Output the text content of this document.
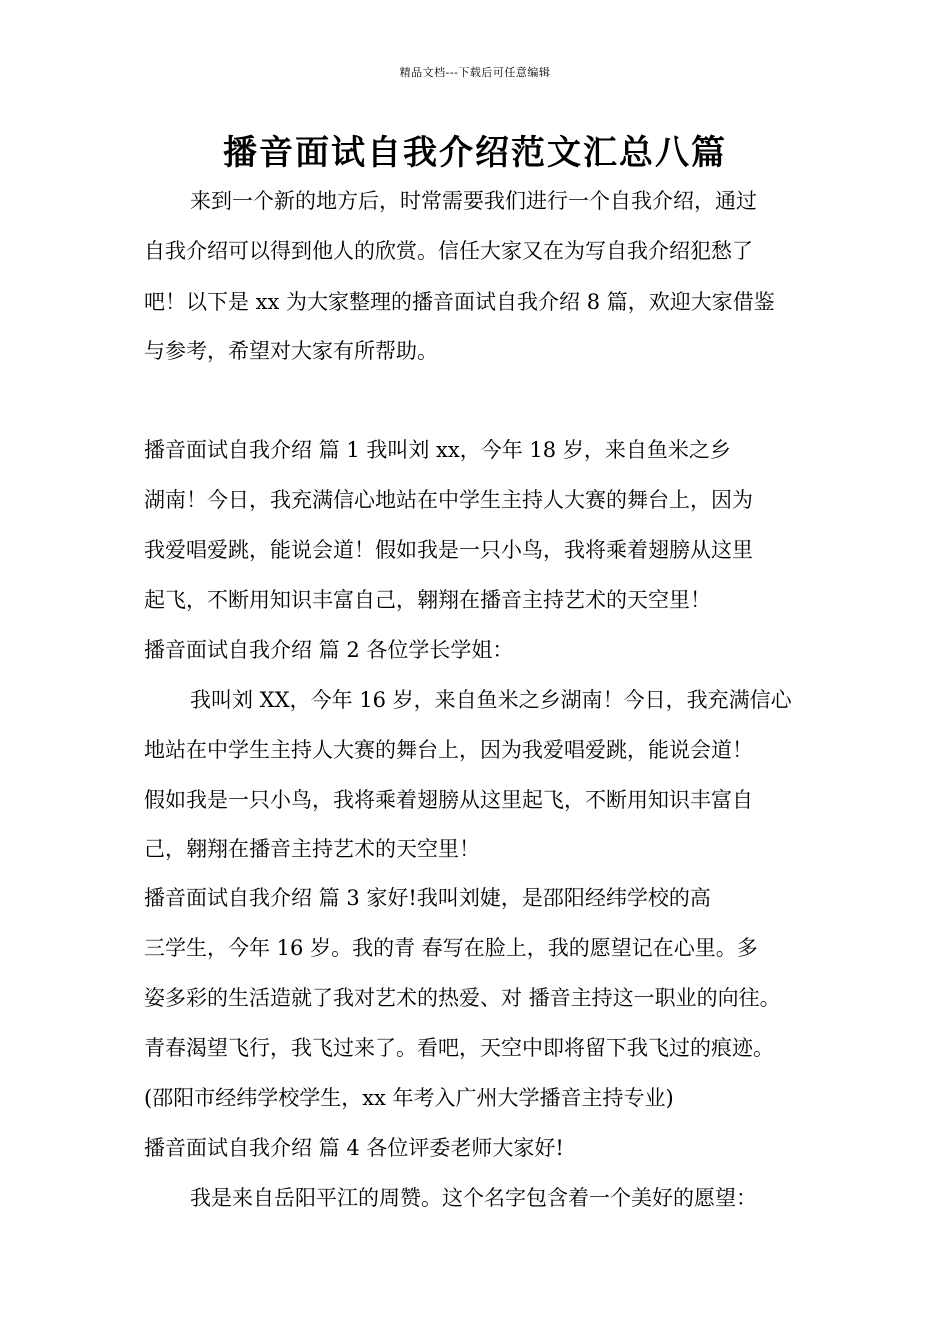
精品文档---下载后可任意编辑
播音面试自我介绍范文汇总八篇
来到一个新的地方后，时常需要我们进行一个自我介绍，通过
自我介绍可以得到他人的欣赏。信任大家又在为写自我介绍犯愁了
吧！以下是 xx 为大家整理的播音面试自我介绍 8 篇，欢迎大家借鉴
与参考，希望对大家有所帮助。
播音面试自我介绍 篇 1 我叫刘 xx，今年 18 岁，来自鱼米之乡
湖南！今日，我充满信心地站在中学生主持人大赛的舞台上，因为
我爱唱爱跳，能说会道！假如我是一只小鸟，我将乘着翅膀从这里
起飞，不断用知识丰富自己，翱翔在播音主持艺术的天空里！
播音面试自我介绍 篇 2 各位学长学姐：
我叫刘 XX，今年 16 岁，来自鱼米之乡湖南！今日，我充满信心
地站在中学生主持人大赛的舞台上，因为我爱唱爱跳，能说会道！
假如我是一只小鸟，我将乘着翅膀从这里起飞，不断用知识丰富自
己，翱翔在播音主持艺术的天空里！
播音面试自我介绍 篇 3 家好!我叫刘婕，是邵阳经纬学校的高
三学生，今年 16 岁。我的青 春写在脸上，我的愿望记在心里。多
姿多彩的生活造就了我对艺术的热爱、对 播音主持这一职业的向往。
青春渴望飞行，我飞过来了。看吧，天空中即将留下我飞过的痕迹。
(邵阳市经纬学校学生，xx 年考入广州大学播音主持专业)
播音面试自我介绍 篇 4 各位评委老师大家好!
我是来自岳阳平江的周赞。这个名字包含着一个美好的愿望：
